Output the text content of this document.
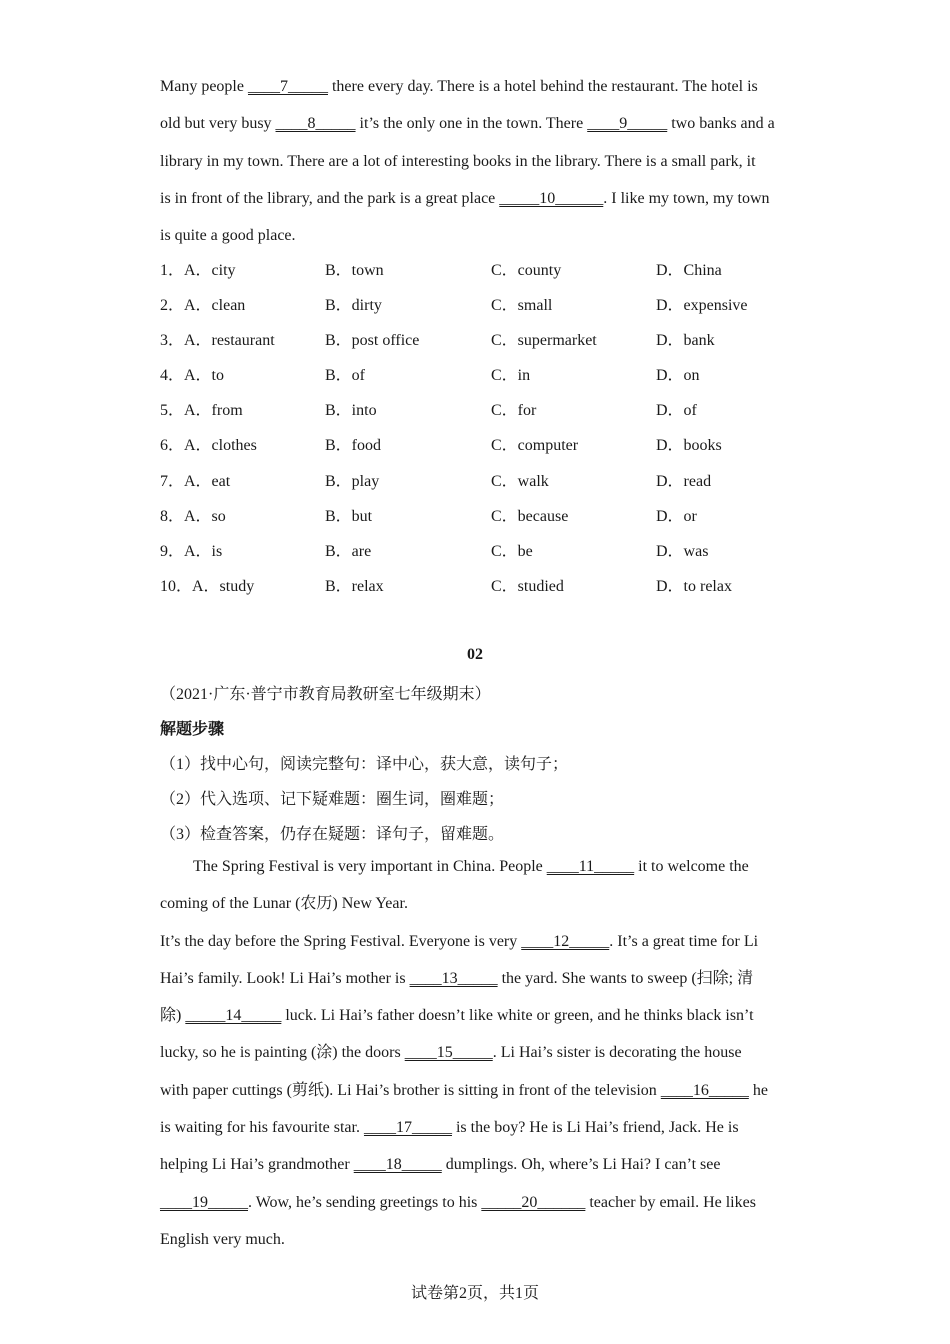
Many people ____7_____ there every day. There is a hotel behind the restaurant. The hotel is
old but very busy ____8_____ it’s the only one in the town. There ____9_____ two banks and a
library in my town. There are a lot of interesting books in the library. There is a small park, it
is in front of the library, and the park is a great place _____10______. I like my town, my town
is quite a good place.
1．A．city	B．town	C．county	D．China
2．A．clean	B．dirty	C．small	D．expensive
3．A．restaurant	B．post office	C．supermarket	D．bank
4．A．to	B．of	C．in	D．on
5．A．from	B．into	C．for	D．of
6．A．clothes	B．food	C．computer	D．books
7．A．eat	B．play	C．walk	D．read
8．A．so	B．but	C．because	D．or
9．A．is	B．are	C．be	D．was
10．A．study	B．relax	C．studied	D．to relax
02
（2021·广东·普宁市教育局教研室七年级期末）
解题步骤
（1）找中心句，阅读完整句：译中心，获大意，读句子；
（2）代入选项、记下疑难题：圈生词，圈难题；
（3）检查答案，仍存在疑题：译句子，留难题。
The Spring Festival is very important in China. People ____11_____ it to welcome the
coming of the Lunar (农历) New Year.
It’s the day before the Spring Festival. Everyone is very ____12_____. It’s a great time for Li
Hai’s family. Look! Li Hai’s mother is ____13_____ the yard. She wants to sweep (扫除; 清
除) _____14_____ luck. Li Hai’s father doesn’t like white or green, and he thinks black isn’t
lucky, so he is painting (涂) the doors ____15_____. Li Hai’s sister is decorating the house
with paper cuttings (剪纸). Li Hai’s brother is sitting in front of the television ____16_____ he
is waiting for his favourite star. ____17_____ is the boy? He is Li Hai’s friend, Jack. He is
helping Li Hai’s grandmother ____18_____ dumplings. Oh, where’s Li Hai? I can’t see
____19_____. Wow, he’s sending greetings to his _____20______ teacher by email. He likes
English very much.
试卷第2页，共1页
